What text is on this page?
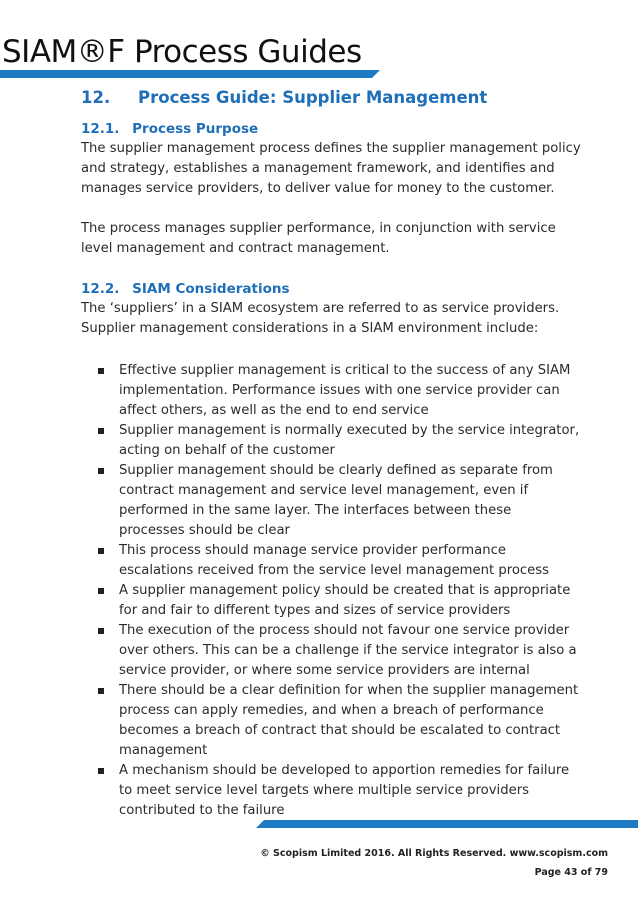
SIAM®F Process Guides
12.	Process Guide: Supplier Management
12.1. Process Purpose

The supplier management process defines the supplier management policy and strategy, establishes a management framework, and identifies and manages service providers, to deliver value for money to the customer.

The process manages supplier performance, in conjunction with service level management and contract management.

12.2. SIAM Considerations

The ‘suppliers’ in a SIAM ecosystem are referred to as service providers. Supplier management considerations in a SIAM environment include:

Effective supplier management is critical to the success of any SIAM implementation. Performance issues with one service provider can affect others, as well as the end to end service
Supplier management is normally executed by the service integrator, acting on behalf of the customer
Supplier management should be clearly defined as separate from contract management and service level management, even if performed in the same layer. The interfaces between these processes should be clear
This process should manage service provider performance escalations received from the service level management process
A supplier management policy should be created that is appropriate for and fair to different types and sizes of service providers
The execution of the process should not favour one service provider over others. This can be a challenge if the service integrator is also a service provider, or where some service providers are internal
There should be a clear definition for when the supplier management process can apply remedies, and when a breach of performance becomes a breach of contract that should be escalated to contract management
A mechanism should be developed to apportion remedies for failure to meet service level targets where multiple service providers contributed to the failure
© Scopism Limited 2016. All Rights Reserved. www.scopism.com
Page 43 of 79
